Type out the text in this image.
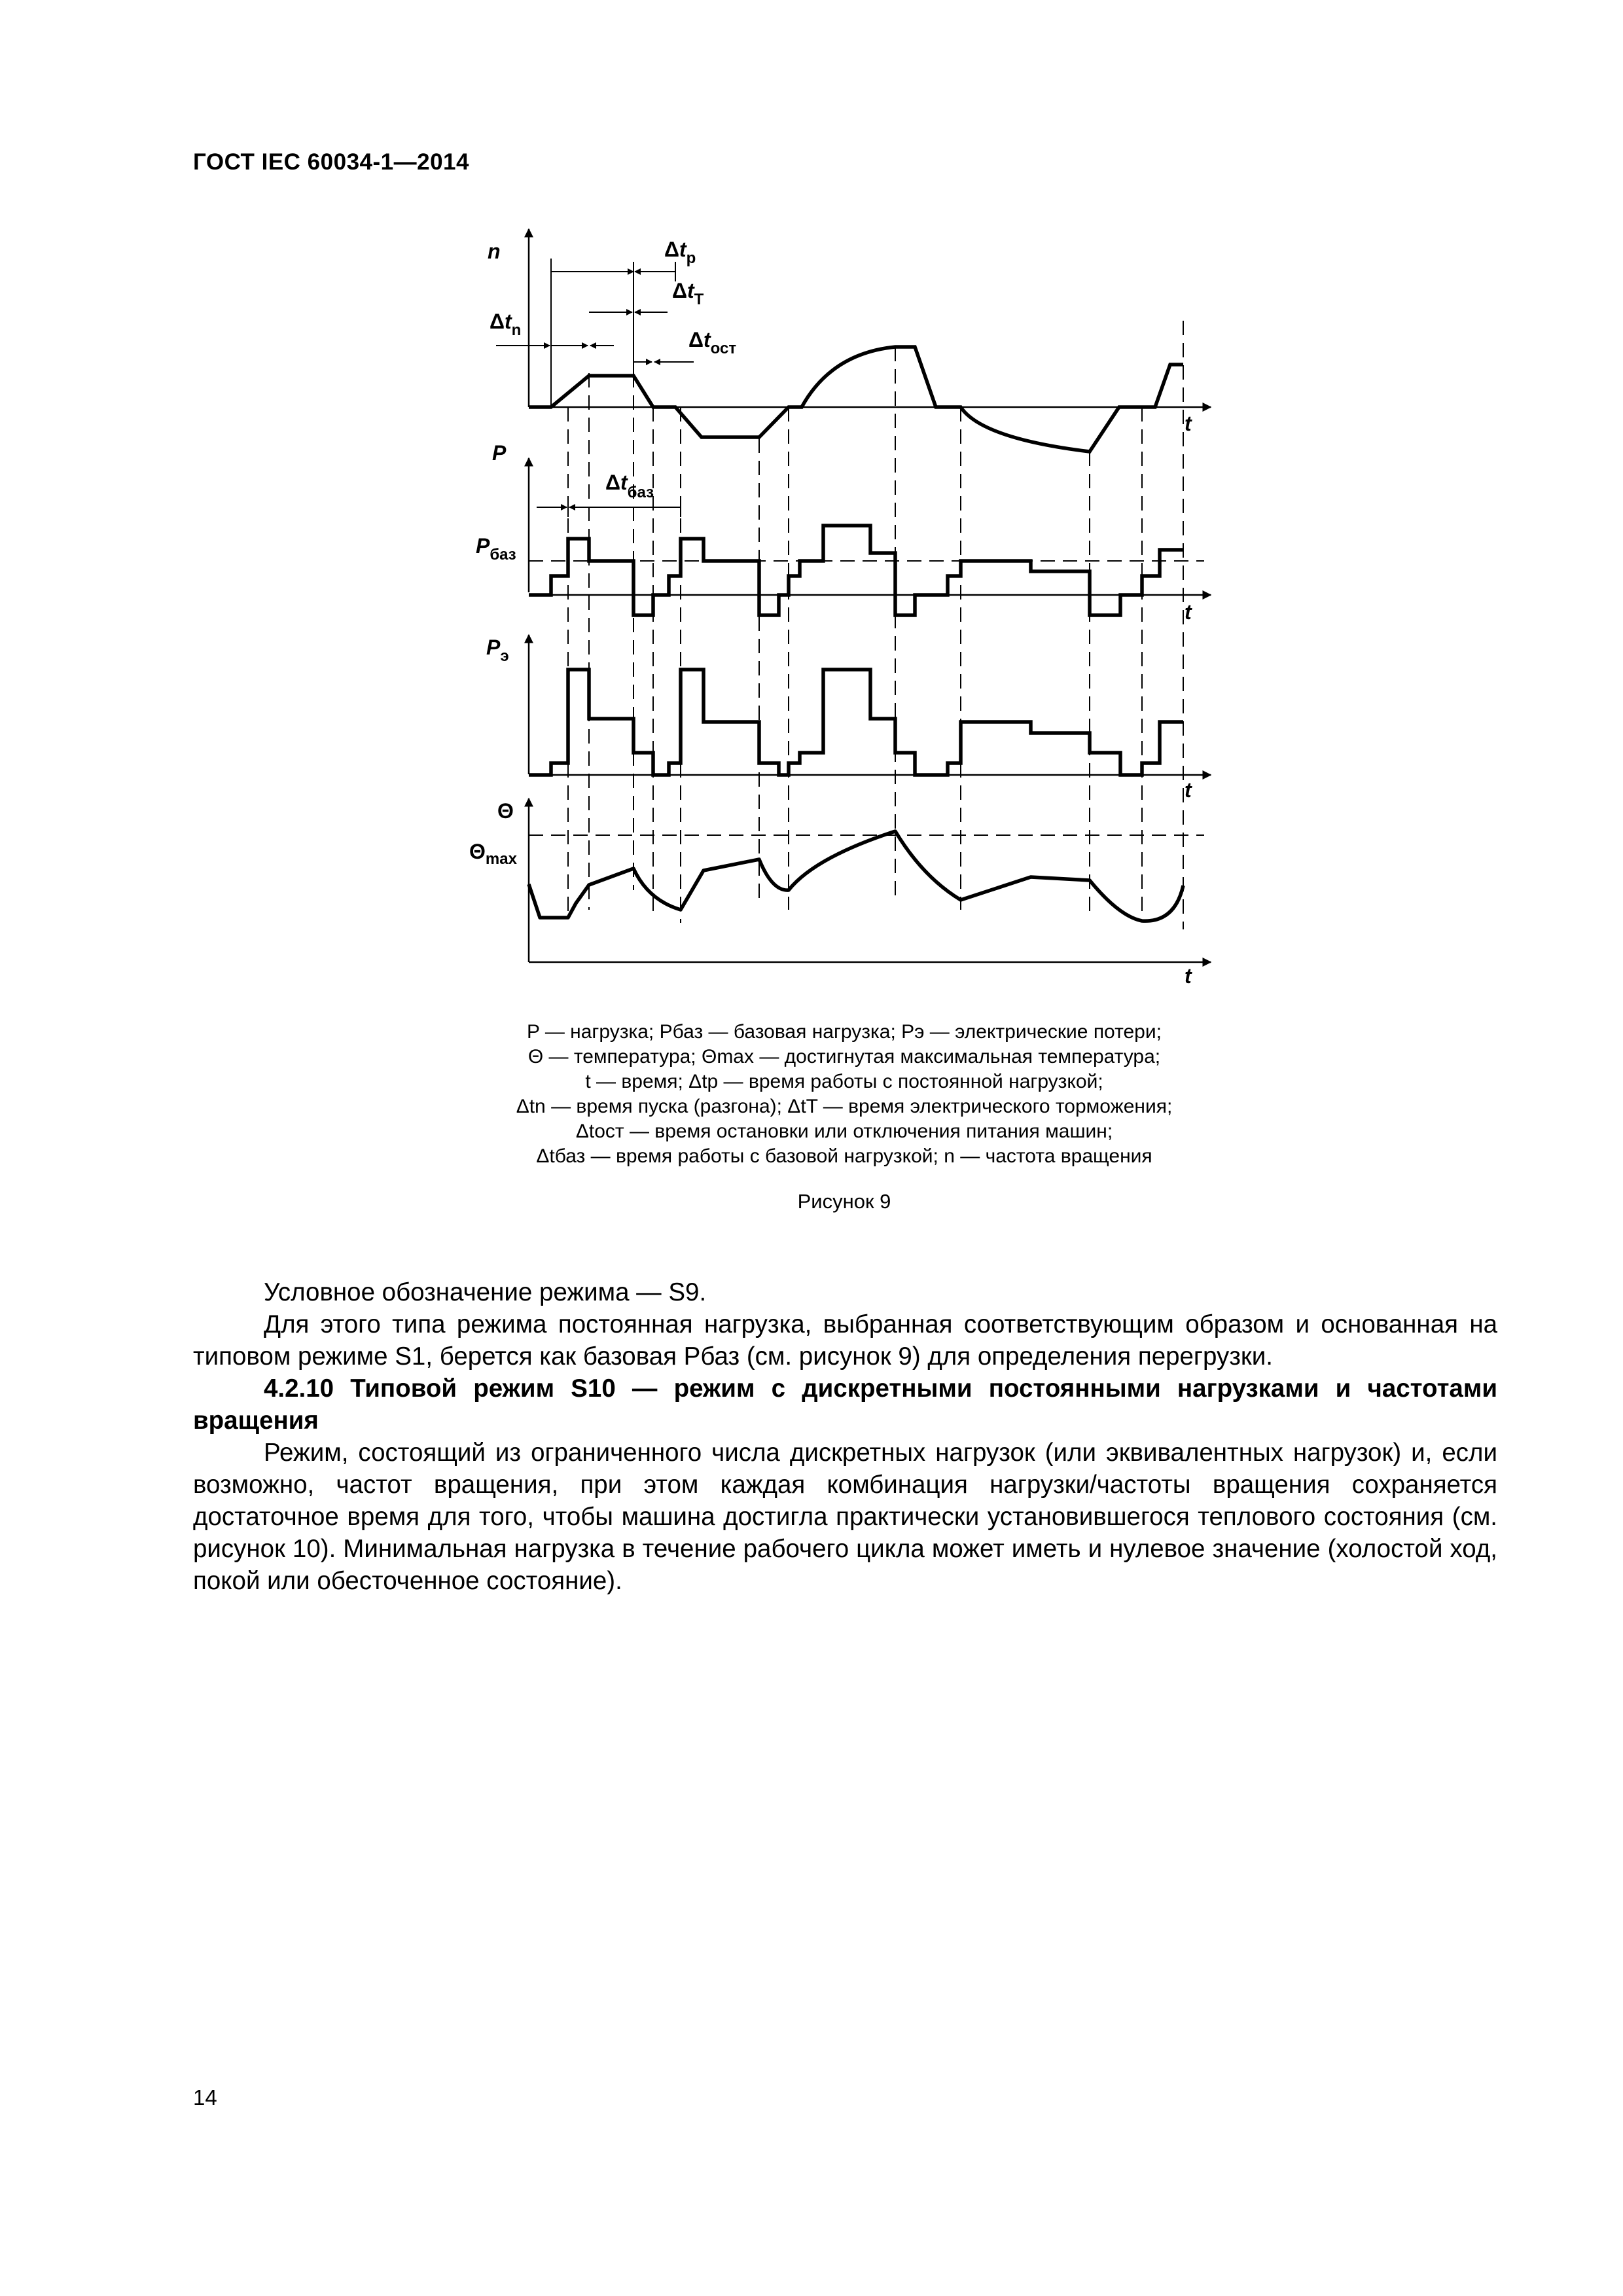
ГОСТ IEC 60034-1—2014
n
P
$P_{баз}$
$P_э$
Θ
$\Theta_{max}$
t
t
t
t
$\Delta t_p$
$\Delta t_T$
$\Delta t_n$	$\Delta t_{ост}$
$\Delta t_{баз}$
P — нагрузка; Pбаз — базовая нагрузка; Pэ — электрические потери;
Θ — температура; Θmax — достигнутая максимальная температура;
t — время; Δtp — время работы с постоянной нагрузкой;
Δtn — время пуска (разгона); ΔtT — время электрического торможения;
Δtост — время остановки или отключения питания машин;
Δtбаз — время работы с базовой нагрузкой; n — частота вращения
Рисунок 9

Условное обозначение режима — S9.

Для этого типа режима постоянная нагрузка, выбранная соответствующим образом и основанная на типовом режиме S1, берется как базовая Pбаз (см. рисунок 9) для определения перегрузки.

4.2.10 Типовой режим S10 — режим с дискретными постоянными нагрузками и частотами вращения

Режим, состоящий из ограниченного числа дискретных нагрузок (или эквивалентных нагрузок) и, если возможно, частот вращения, при этом каждая комбинация нагрузки/частоты вращения сохраняется достаточное время для того, чтобы машина достигла практически установившегося теплового состояния (см. рисунок 10). Минимальная нагрузка в течение рабочего цикла может иметь и нулевое значение (холостой ход, покой или обесточенное состояние).

14
